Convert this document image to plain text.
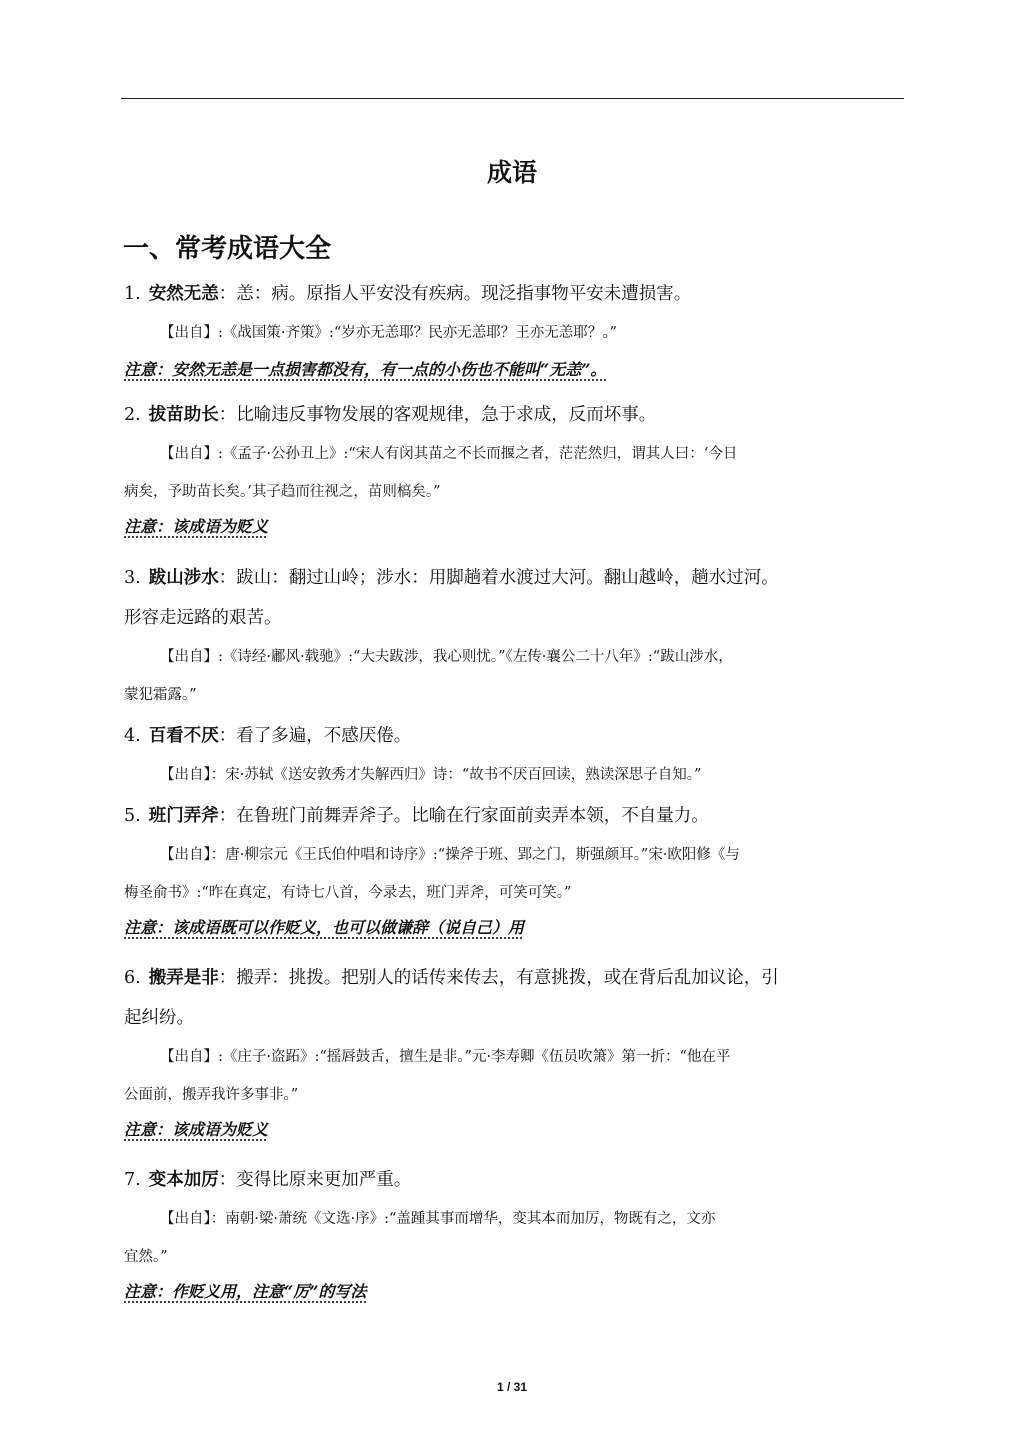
成语
一、常考成语大全
1. 安然无恙：恙：病。原指人平安没有疾病。现泛指事物平安未遭损害。
【出自】:《战国策·齐策》:“岁亦无恙耶？民亦无恙耶？王亦无恙耶？。”
注意：安然无恙是一点损害都没有，有一点的小伤也不能叫“无恙”。
2. 拔苗助长：比喻违反事物发展的客观规律，急于求成，反而坏事。
【出自】:《孟子·公孙丑上》:“宋人有闵其苗之不长而揠之者，茫茫然归，谓其人曰：‘今日
病矣，予助苗长矣。’其子趋而往视之，苗则槁矣。”
注意：该成语为贬义
3. 跋山涉水：跋山：翻过山岭；涉水：用脚趟着水渡过大河。翻山越岭，趟水过河。
形容走远路的艰苦。
【出自】:《诗经·鄘风·载驰》:“大夫跋涉，我心则忧。”《左传·襄公二十八年》:“跋山涉水，
蒙犯霜露。”
4. 百看不厌：看了多遍，不感厌倦。
【出自】：宋·苏轼《送安敦秀才失解西归》诗：“故书不厌百回读，熟读深思子自知。”
5. 班门弄斧：在鲁班门前舞弄斧子。比喻在行家面前卖弄本领，不自量力。
【出自】：唐·柳宗元《王氏伯仲唱和诗序》:“操斧于班、郢之门，斯强颜耳。”宋·欧阳修《与
梅圣俞书》:“昨在真定，有诗七八首，今录去，班门弄斧，可笑可笑。”
注意：该成语既可以作贬义，也可以做谦辞（说自己）用
6. 搬弄是非：搬弄：挑拨。把别人的话传来传去，有意挑拨，或在背后乱加议论，引
起纠纷。
【出自】:《庄子·盗跖》:“摇唇鼓舌，擅生是非。”元·李寿卿《伍员吹箫》第一折：“他在平
公面前，搬弄我许多事非。”
注意：该成语为贬义
7. 变本加厉：变得比原来更加严重。
【出自】：南朝·梁·萧统《文选·序》:“盖踵其事而增华，变其本而加厉，物既有之，文亦
宜然。”
注意：作贬义用，注意“厉”的写法
1 / 31
